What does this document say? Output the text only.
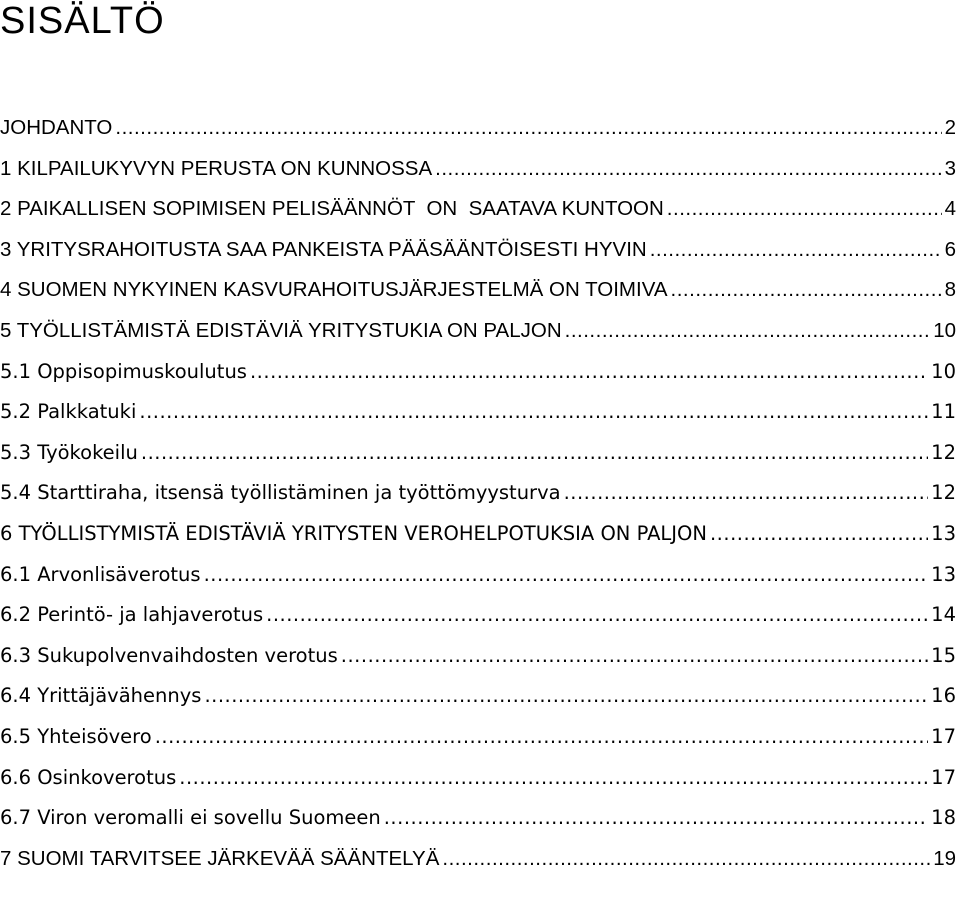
SISÄLTÖ
JOHDANTO .....	2
1 KILPAILUKYVYN PERUSTA ON KUNNOSSA .....	3
2 PAIKALLISEN SOPIMISEN PELISÄÄNNÖT  ON  SAATAVA KUNTOON .....	4
3 YRITYSRAHOITUSTA SAA PANKEISTA PÄÄSÄÄNTÖISESTI HYVIN .....	6
4 SUOMEN NYKYINEN KASVURAHOITUSJÄRJESTELMÄ ON TOIMIVA .....	8
5 TYÖLLISTÄMISTÄ EDISTÄVIÄ YRITYSTUKIA ON PALJON .....	10
5.1 Oppisopimuskoulutus .....	10
5.2 Palkkatuki .....	11
5.3 Työkokeilu .....	12
5.4 Starttiraha, itsensä työllistäminen ja työttömyysturva .....	12
6 TYÖLLISTYMISTÄ EDISTÄVIÄ YRITYSTEN VEROHELPOTUKSIA ON PALJON .....	13
6.1 Arvonlisäverotus .....	13
6.2 Perintö- ja lahjaverotus .....	14
6.3 Sukupolvenvaihdosten verotus .....	15
6.4 Yrittäjävähennys .....	16
6.5 Yhteisövero .....	17
6.6 Osinkoverotus .....	17
6.7 Viron veromalli ei sovellu Suomeen .....	18
7 SUOMI TARVITSEE JÄRKEVÄÄ SÄÄNTELYÄ .....	19
